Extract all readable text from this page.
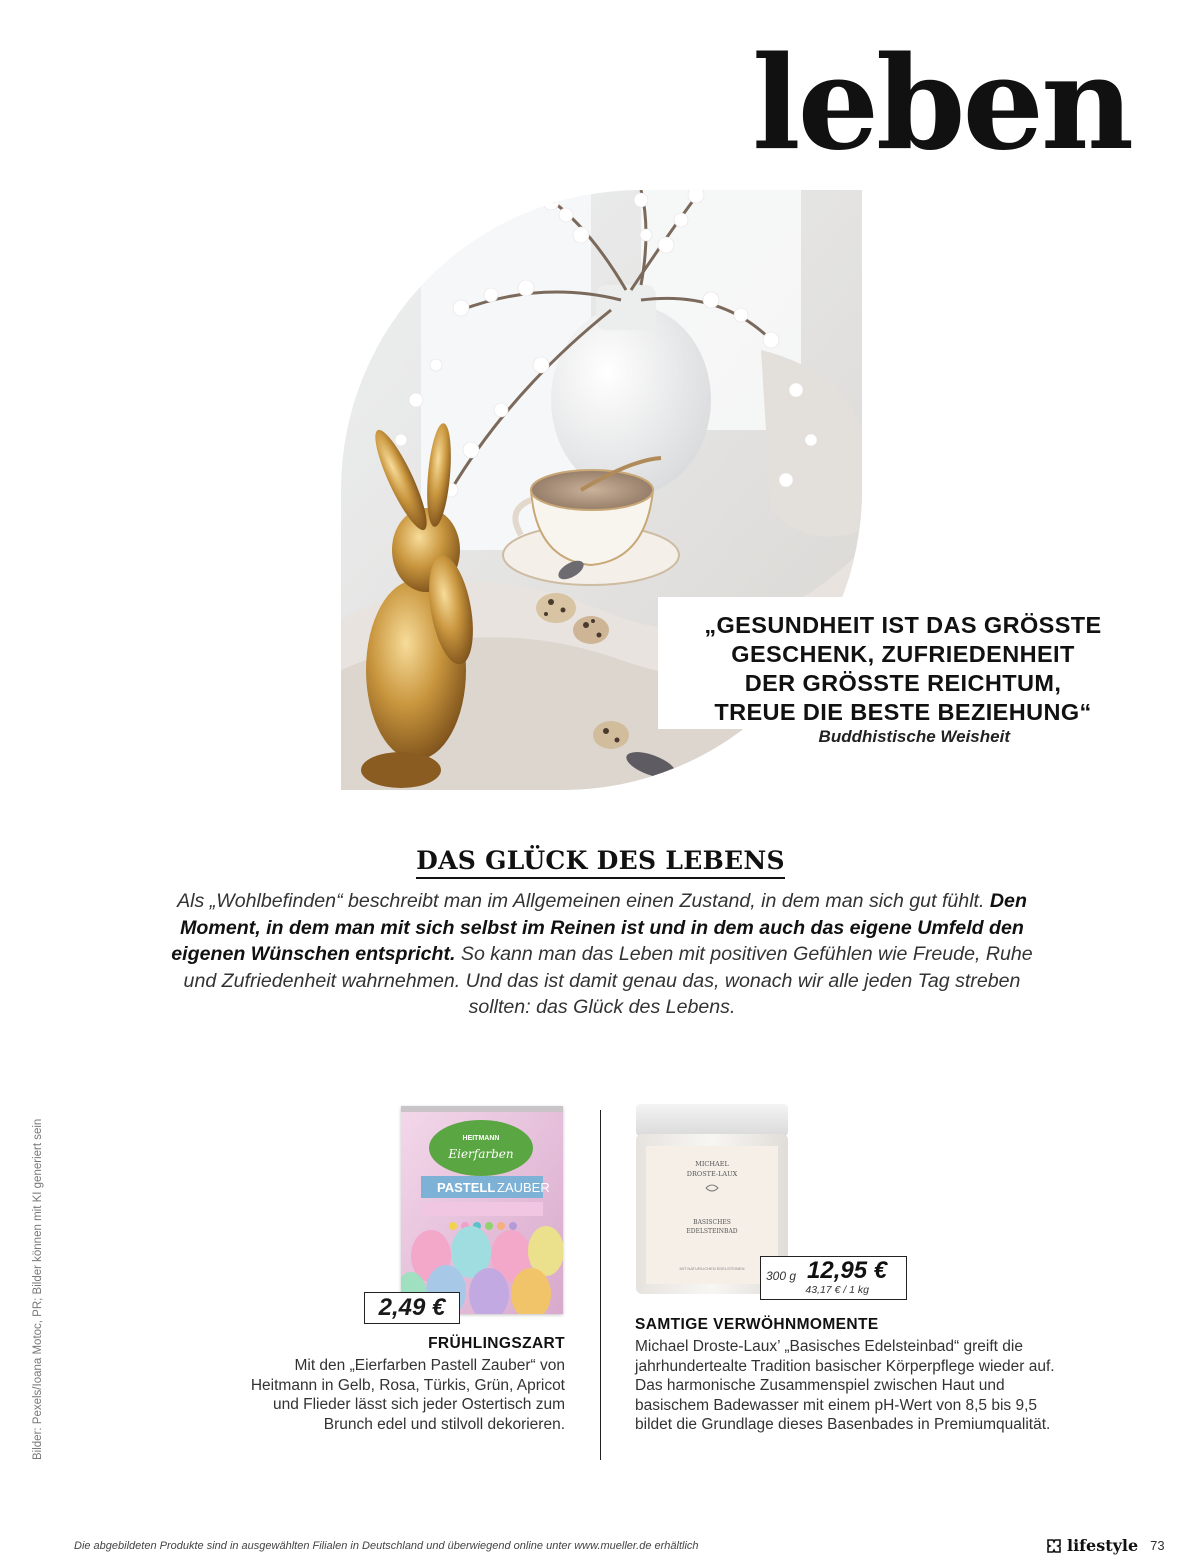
leben
„GESUNDHEIT IST DAS GRÖSSTE
GESCHENK, ZUFRIEDENHEIT
DER GRÖSSTE REICHTUM,
TREUE DIE BESTE BEZIEHUNG“
Buddhistische Weisheit
DAS GLÜCK DES LEBENS
Als „Wohlbefinden“ beschreibt man im Allgemeinen einen Zustand, in dem man sich gut fühlt. Den Moment, in dem man mit sich selbst im Reinen ist und in dem auch das eigene Umfeld den eigenen Wünschen entspricht. So kann man das Leben mit positiven Gefühlen wie Freude, Ruhe und Zufriedenheit wahrnehmen. Und das ist damit genau das, wonach wir alle jeden Tag streben sollten: das Glück des Lebens.
Bilder: Pexels/Ioana Motoc, PR; Bilder können mit KI generiert sein	HEITMANN
Eierfarben
PASTELL ZAUBER
MICHAEL
DROSTE-LAUX
BASISCHES
EDELSTEINBAD
MIT NATURLICHEN EDELSTEINEN
2,49 €
300 g 12,95 €
43,17 € / 1 kg
FRÜHLINGSZART
Mit den „Eierfarben Pastell Zauber“ von Heitmann in Gelb, Rosa, Türkis, Grün, Apricot und Flieder lässt sich jeder Ostertisch zum Brunch edel und stilvoll dekorieren.
SAMTIGE VERWÖHNMOMENTE
Michael Droste-Laux’ „Basisches Edelsteinbad“ greift die jahrhundertealte Tradition basischer Körperpflege wieder auf. Das harmonische Zusammenspiel zwischen Haut und basischem Badewasser mit einem pH-Wert von 8,5 bis 9,5 bildet die Grundlage dieses Basenbades in Premiumqualität.
Die abgebildeten Produkte sind in ausgewählten Filialen in Deutschland und überwiegend online unter www.mueller.de erhältlich	lifestyle 73
